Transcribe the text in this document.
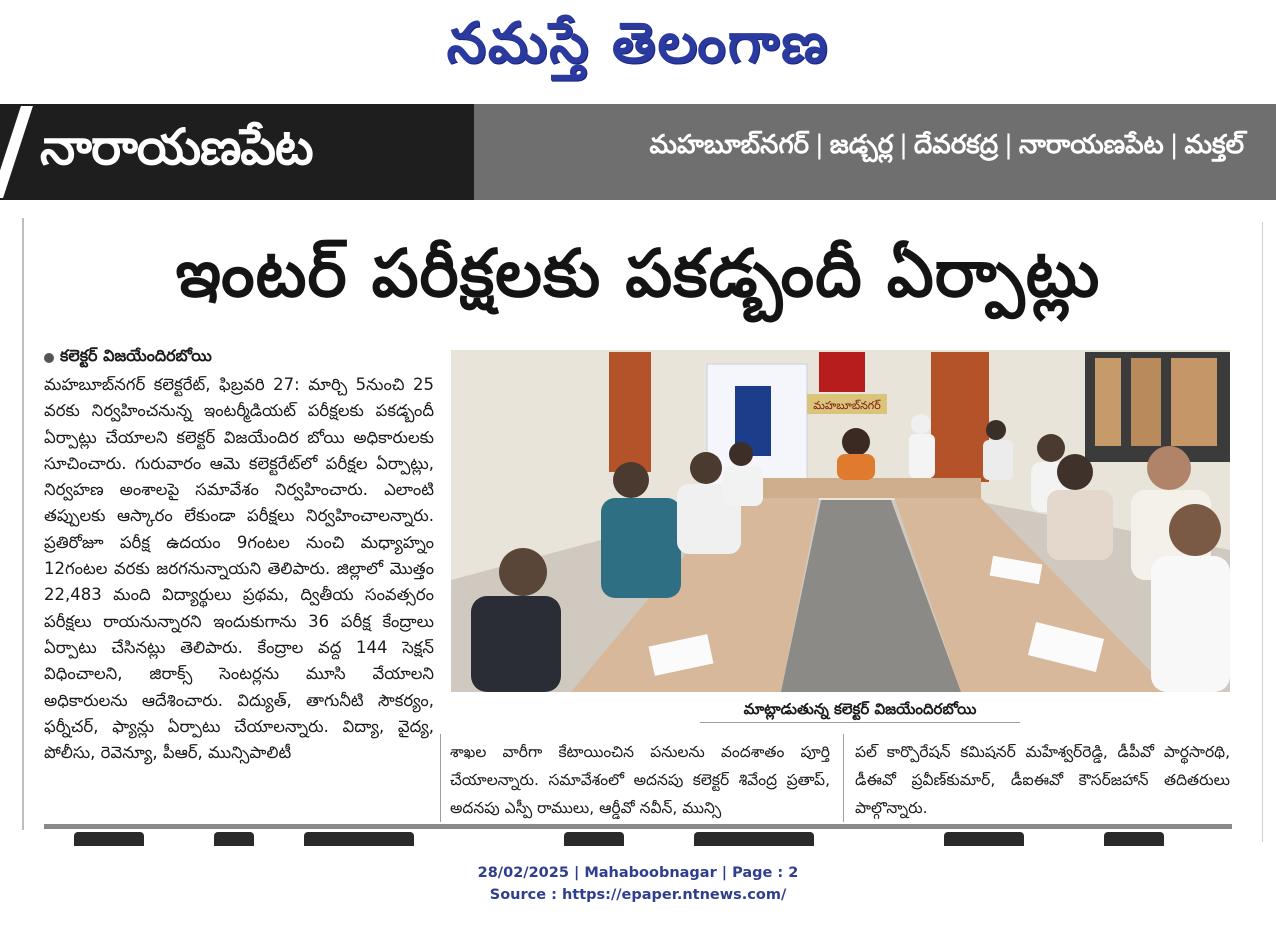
నమస్తే తెలంగాణ
నారాయణపేట	మహబూబ్‌నగర్ | జడ్చర్ల | దేవరకద్ర | నారాయణపేట | మక్తల్
ఇంటర్ పరీక్షలకు పకడ్బందీ ఏర్పాట్లు
కలెక్టర్ విజయేందిరబోయి
మహబూబ్‌నగర్ కలెక్టరేట్, ఫిబ్రవరి 27: మార్చి 5నుంచి 25 వరకు నిర్వహించనున్న ఇంటర్మీడియట్ పరీక్షలకు పకడ్బందీ ఏర్పాట్లు చేయాలని కలెక్టర్ విజయేందిర బోయి అధికారులకు సూచించారు. గురువారం ఆమె కలెక్టరేట్‌లో పరీక్షల ఏర్పాట్లు, నిర్వహణ అంశాలపై సమావేశం నిర్వహించారు. ఎలాంటి తప్పులకు ఆస్కారం లేకుండా పరీక్షలు నిర్వహించాలన్నారు. ప్రతిరోజూ పరీక్ష ఉదయం 9గంటల నుంచి మధ్యాహ్నం 12గంటల వరకు జరగనున్నాయని తెలిపారు. జిల్లాలో మొత్తం 22,483 మంది విద్యార్థులు ప్రథమ, ద్వితీయ సంవత్సరం పరీక్షలు రాయనున్నారని ఇందుకుగాను 36 పరీక్ష కేంద్రాలు ఏర్పాటు చేసినట్లు తెలిపారు. కేంద్రాల వద్ద 144 సెక్షన్ విధించాలని, జిరాక్స్ సెంటర్లను మూసి వేయాలని అధికారులను ఆదేశించారు. విద్యుత్, తాగునీటి సౌకర్యం, ఫర్నీచర్, ఫ్యాన్లు ఏర్పాటు చేయాలన్నారు. విద్యా, వైద్య, పోలీసు, రెవెన్యూ, పీఆర్, మున్సిపాలిటీ
మహబూబ్‌నగర్
మాట్లాడుతున్న కలెక్టర్ విజయేందిరబోయి
శాఖల వారీగా కేటాయించిన పనులను వందశాతం పూర్తి చేయాలన్నారు. సమావేశంలో అదనపు కలెక్టర్ శివేంద్ర ప్రతాప్, అదనపు ఎస్పీ రాములు, ఆర్డీవో నవీన్, మున్సి
పల్ కార్పొరేషన్ కమిషనర్ మహేశ్వర్‌రెడ్డి, డీపీవో పార్థసారథి, డీఈవో ప్రవీణ్‌కుమార్, డీఐఈవో కౌసర్‌జహాన్ తదితరులు పాల్గొన్నారు.
28/02/2025 | Mahaboobnagar | Page : 2
Source : https://epaper.ntnews.com/
